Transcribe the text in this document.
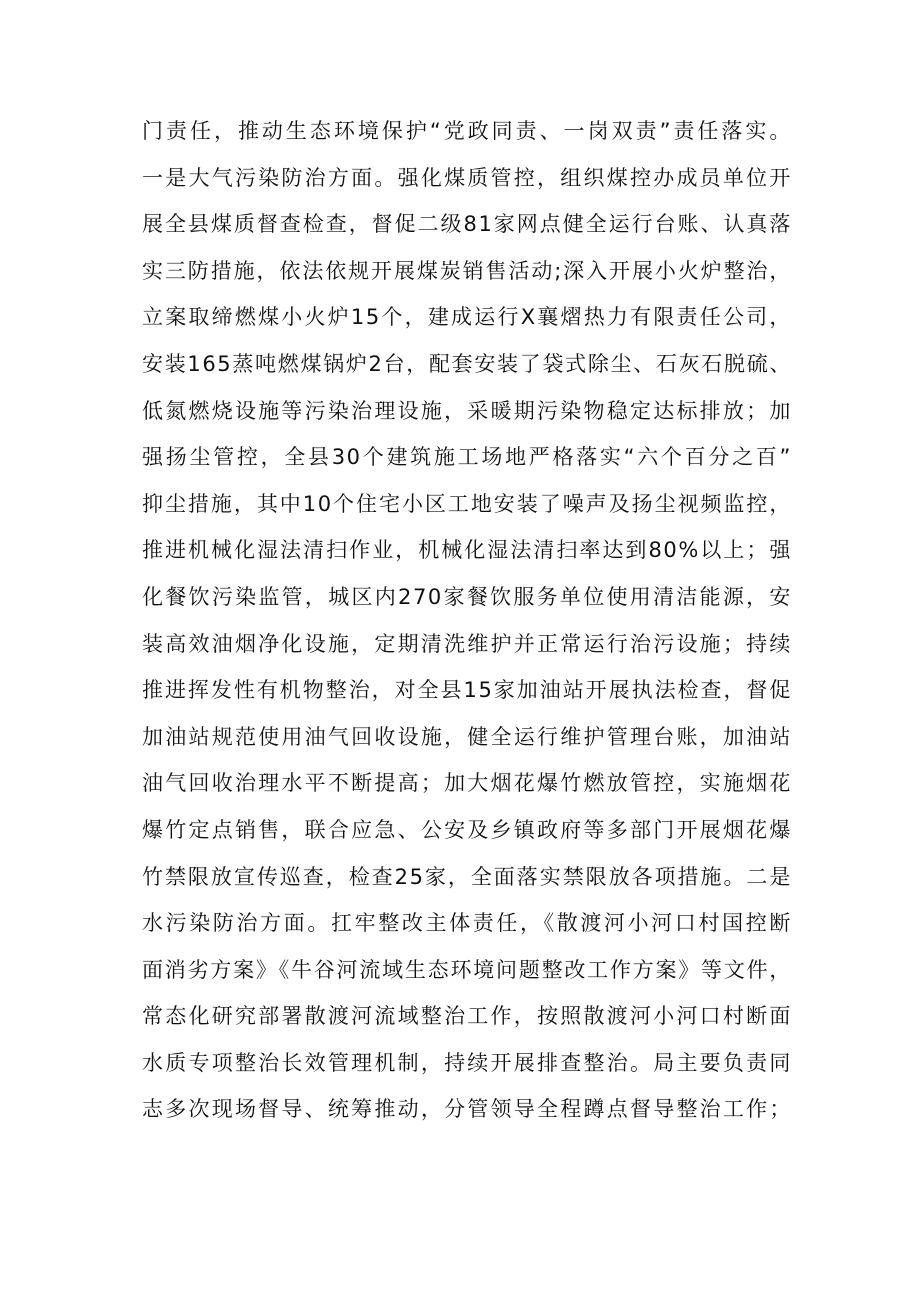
门责任，推动生态环境保护“党政同责、一岗双责”责任落实。
一是大气污染防治方面。强化煤质管控，组织煤控办成员单位开
展全县煤质督查检查，督促二级81家网点健全运行台账、认真落
实三防措施，依法依规开展煤炭销售活动;深入开展小火炉整治，
立案取缔燃煤小火炉15个，建成运行X襄熠热力有限责任公司，
安装165蒸吨燃煤锅炉2台，配套安装了袋式除尘、石灰石脱硫、
低氮燃烧设施等污染治理设施，采暖期污染物稳定达标排放；加
强扬尘管控，全县30个建筑施工场地严格落实“六个百分之百”
抑尘措施，其中10个住宅小区工地安装了噪声及扬尘视频监控，
推进机械化湿法清扫作业，机械化湿法清扫率达到80%以上；强
化餐饮污染监管，城区内270家餐饮服务单位使用清洁能源，安
装高效油烟净化设施，定期清洗维护并正常运行治污设施；持续
推进挥发性有机物整治，对全县15家加油站开展执法检查，督促
加油站规范使用油气回收设施，健全运行维护管理台账，加油站
油气回收治理水平不断提高；加大烟花爆竹燃放管控，实施烟花
爆竹定点销售，联合应急、公安及乡镇政府等多部门开展烟花爆
竹禁限放宣传巡查，检查25家，全面落实禁限放各项措施。二是
水污染防治方面。扛牢整改主体责任，《散渡河小河口村国控断
面消劣方案》《牛谷河流域生态环境问题整改工作方案》等文件，
常态化研究部署散渡河流域整治工作，按照散渡河小河口村断面
水质专项整治长效管理机制，持续开展排查整治。局主要负责同
志多次现场督导、统筹推动，分管领导全程蹲点督导整治工作；
